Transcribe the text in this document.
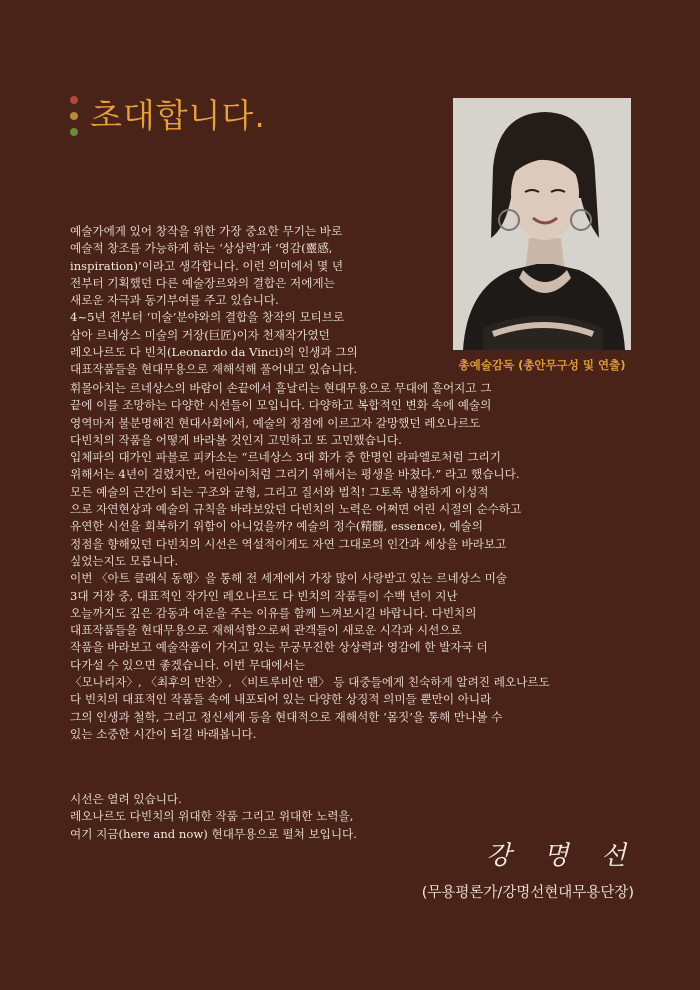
초대합니다.
총예술감독 (총안무구성 및 연출)

예술가에게 있어 창작을 위한 가장 중요한 무기는 바로
예술적 창조를 가능하게 하는 ‘상상력’과 ‘영감(靈感,
inspiration)’이라고 생각합니다. 이런 의미에서 몇 년
전부터 기획했던 다른 예술장르와의 결합은 저에게는
새로운 자극과 동기부여를 주고 있습니다.
4~5년 전부터 ‘미술’분야와의 결합을 창작의 모티브로
삼아 르네상스 미술의 거장(巨匠)이자 천재작가였던
레오나르도 다 빈치(Leonardo da Vinci)의 인생과 그의
대표작품들을 현대무용으로 재해석해 풀어내고 있습니다.

휘몰아치는 르네상스의 바람이 손끝에서 흩날리는 현대무용으로 무대에 흩어지고 그
끝에 이를 조망하는 다양한 시선들이 모입니다. 다양하고 복합적인 변화 속에 예술의
영역마저 불분명해진 현대사회에서, 예술의 정점에 이르고자 갈망했던 레오나르도
다빈치의 작품을 어떻게 바라볼 것인지 고민하고 또 고민했습니다.
입체파의 대가인 파블로 피카소는 “르네상스 3대 화가 중 한명인 라파엘로처럼 그리기
위해서는 4년이 걸렸지만, 어린아이처럼 그리기 위해서는 평생을 바쳤다.” 라고 했습니다.
모든 예술의 근간이 되는 구조와 균형, 그리고 질서와 법칙! 그토록 냉철하게 이성적
으로 자연현상과 예술의 규칙을 바라보았던 다빈치의 노력은 어쩌면 어린 시절의 순수하고
유연한 시선을 회복하기 위함이 아니었을까? 예술의 정수(精髓, essence), 예술의
정점을 향해있던 다빈치의 시선은 역설적이게도 자연 그대로의 인간과 세상을 바라보고
싶었는지도 모릅니다.
이번 〈아트 클래식 동행〉을 통해 전 세계에서 가장 많이 사랑받고 있는 르네상스 미술
3대 거장 중, 대표적인 작가인 레오나르도 다 빈치의 작품들이 수백 년이 지난
오늘까지도 깊은 감동과 여운을 주는 이유를 함께 느껴보시길 바랍니다. 다빈치의
대표작품들을 현대무용으로 재해석함으로써 관객들이 새로운 시각과 시선으로
작품을 바라보고 예술작품이 가지고 있는 무궁무진한 상상력과 영감에 한 발자국 더
다가설 수 있으면 좋겠습니다. 이번 무대에서는
〈모나리자〉, 〈최후의 만찬〉, 〈비트루비안 맨〉 등 대중들에게 친숙하게 알려진 레오나르도
다 빈치의 대표적인 작품들 속에 내포되어 있는 다양한 상징적 의미들 뿐만이 아니라
그의 인생과 철학, 그리고 정신세계 등을 현대적으로 재해석한 ‘몸짓’을 통해 만나볼 수
있는 소중한 시간이 되길 바래봅니다.

시선은 열려 있습니다.
레오나르도 다빈치의 위대한 작품 그리고 위대한 노력을,
여기 지금(here and now) 현대무용으로 펼쳐 보입니다.

강 명 선
(무용평론가/강명선현대무용단장)
